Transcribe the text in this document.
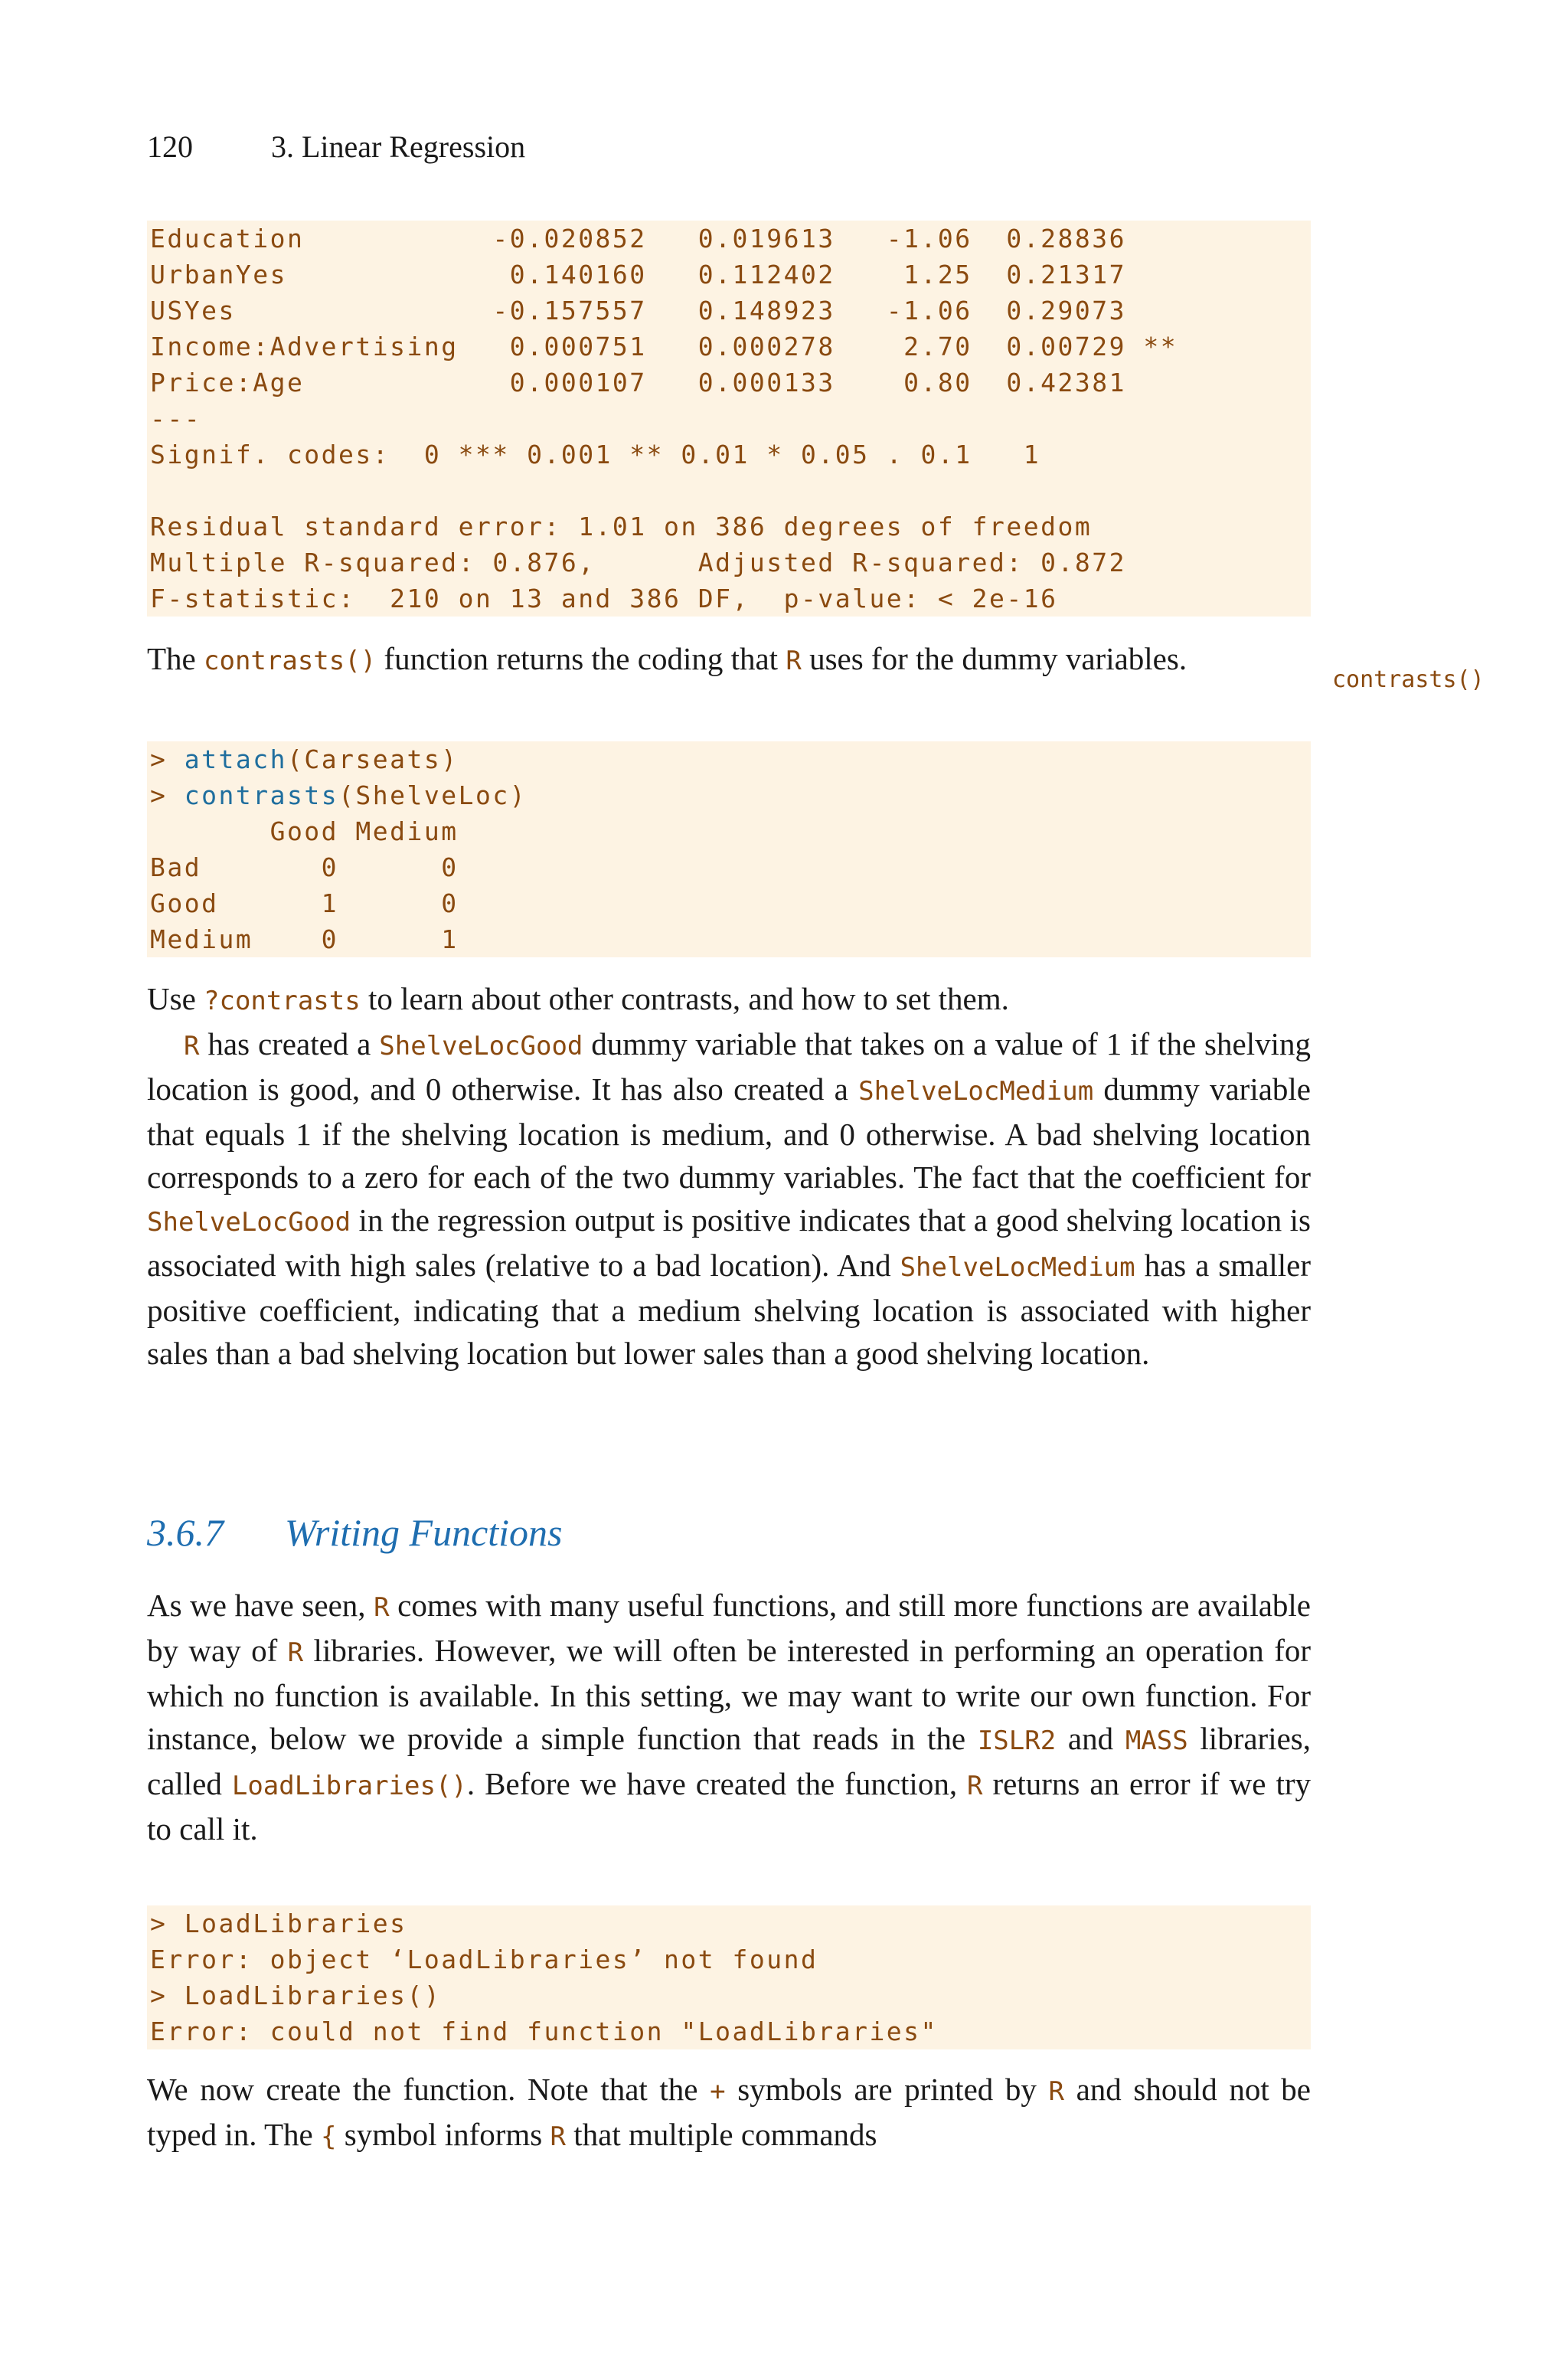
120	3. Linear Regression
Education           -0.020852   0.019613   -1.06  0.28836
UrbanYes             0.140160   0.112402    1.25  0.21317
USYes               -0.157557   0.148923   -1.06  0.29073
Income:Advertising   0.000751   0.000278    2.70  0.00729 **
Price:Age            0.000107   0.000133    0.80  0.42381
---
Signif. codes:  0 *** 0.001 ** 0.01 * 0.05 . 0.1   1
Residual standard error: 1.01 on 386 degrees of freedom
Multiple R-squared: 0.876,      Adjusted R-squared: 0.872
F-statistic:  210 on 13 and 386 DF,  p-value: < 2e-16

The contrasts() function returns the coding that R uses for the dummy variables.

contrasts()
> attach(Carseats)
> contrasts(ShelveLoc)
Good Medium
Bad       0      0
Good      1      0
Medium    0      1

Use ?contrasts to learn about other contrasts, and how to set them.

R has created a ShelveLocGood dummy variable that takes on a value of 1 if the shelving location is good, and 0 otherwise. It has also created a ShelveLocMedium dummy variable that equals 1 if the shelving location is medium, and 0 otherwise. A bad shelving location corresponds to a zero for each of the two dummy variables. The fact that the coefficient for ShelveLocGood in the regression output is positive indicates that a good shelving location is associated with high sales (relative to a bad location). And ShelveLocMedium has a smaller positive coefficient, indicating that a medium shelving location is associated with higher sales than a bad shelving location but lower sales than a good shelving location.

3.6.7 Writing Functions

As we have seen, R comes with many useful functions, and still more functions are available by way of R libraries. However, we will often be interested in performing an operation for which no function is available. In this setting, we may want to write our own function. For instance, below we provide a simple function that reads in the ISLR2 and MASS libraries, called LoadLibraries(). Before we have created the function, R returns an error if we try to call it.

> LoadLibraries
Error: object ‘LoadLibraries’ not found
> LoadLibraries()
Error: could not find function "LoadLibraries"

We now create the function. Note that the + symbols are printed by R and should not be typed in. The { symbol informs R that multiple commands
